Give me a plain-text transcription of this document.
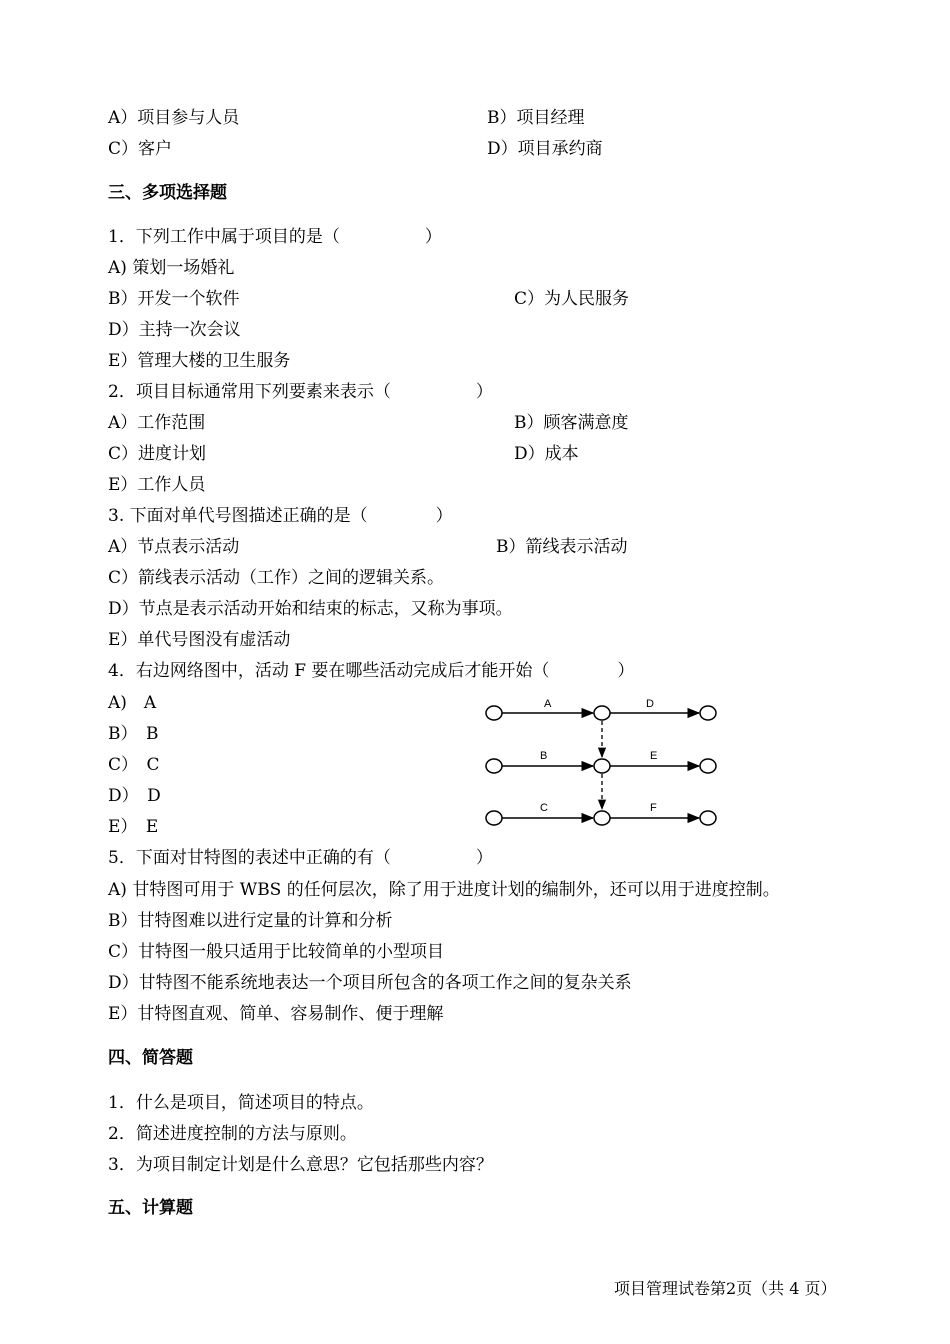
A）项目参与人员	B）项目经理
C）客户	D）项目承约商
三、多项选择题
1．下列工作中属于项目的是（　　　　　）
A) 策划一场婚礼
B）开发一个软件	C）为人民服务
D）主持一次会议
E）管理大楼的卫生服务
2．项目目标通常用下列要素来表示（　　　　　）
A）工作范围	B）顾客满意度
C）进度计划	D）成本
E）工作人员
3. 下面对单代号图描述正确的是（　　　　）
A）节点表示活动	B）箭线表示活动
C）箭线表示活动（工作）之间的逻辑关系。
D）节点是表示活动开始和结束的标志，又称为事项。
E）单代号图没有虚活动
4．右边网络图中，活动 F 要在哪些活动完成后才能开始（　　　　）
A)　A
B）　B
C）　C
D）　D
E）　E
A	D
B	E
C	F
5．下面对甘特图的表述中正确的有（　　　　　）
A) 甘特图可用于 WBS 的任何层次，除了用于进度计划的编制外，还可以用于进度控制。
B）甘特图难以进行定量的计算和分析
C）甘特图一般只适用于比较简单的小型项目
D）甘特图不能系统地表达一个项目所包含的各项工作之间的复杂关系
E）甘特图直观、简单、容易制作、便于理解
四、简答题
1．什么是项目，简述项目的特点。
2．简述进度控制的方法与原则。
3．为项目制定计划是什么意思？它包括那些内容？
五、计算题
项目管理试卷第2页（共 4 页）
